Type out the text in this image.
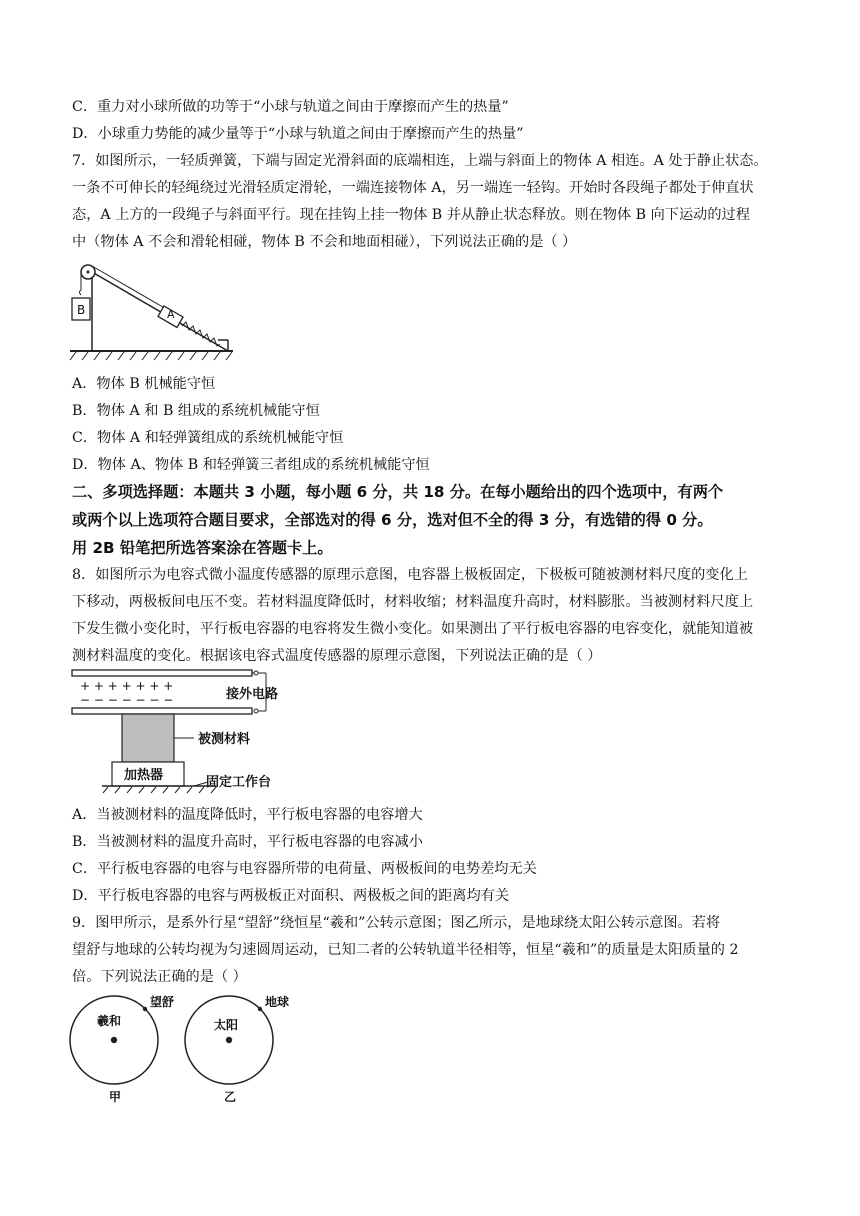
C．重力对小球所做的功等于“小球与轨道之间由于摩擦而产生的热量”
D．小球重力势能的减少量等于“小球与轨道之间由于摩擦而产生的热量”
7．如图所示，一轻质弹簧，下端与固定光滑斜面的底端相连，上端与斜面上的物体 A 相连。A 处于静止状态。
一条不可伸长的轻绳绕过光滑轻质定滑轮，一端连接物体 A，另一端连一轻钩。开始时各段绳子都处于伸直状
态，A 上方的一段绳子与斜面平行。现在挂钩上挂一物体 B 并从静止状态释放。则在物体 B 向下运动的过程
中（物体 A 不会和滑轮相碰，物体 B 不会和地面相碰），下列说法正确的是（ ）
B	A
A．物体 B 机械能守恒
B．物体 A 和 B 组成的系统机械能守恒
C．物体 A 和轻弹簧组成的系统机械能守恒
D．物体 A、物体 B 和轻弹簧三者组成的系统机械能守恒
二、多项选择题：本题共 3 小题，每小题 6 分，共 18 分。在每小题给出的四个选项中，有两个
或两个以上选项符合题目要求，全部选对的得 6 分，选对但不全的得 3 分，有选错的得 0 分。
用 2B 铅笔把所选答案涂在答题卡上。
8．如图所示为电容式微小温度传感器的原理示意图，电容器上极板固定，下极板可随被测材料尺度的变化上
下移动，两极板间电压不变。若材料温度降低时，材料收缩；材料温度升高时，材料膨胀。当被测材料尺度上
下发生微小变化时，平行板电容器的电容将发生微小变化。如果测出了平行板电容器的电容变化，就能知道被
测材料温度的变化。根据该电容式温度传感器的原理示意图，下列说法正确的是（ ）
+ + + + + + +
− − − − − − −	接外电路
被测材料
加热器	固定工作台
A．当被测材料的温度降低时，平行板电容器的电容增大
B．当被测材料的温度升高时，平行板电容器的电容减小
C．平行板电容器的电容与电容器所带的电荷量、两极板间的电势差均无关
D．平行板电容器的电容与两极板正对面积、两极板之间的距离均有关
9．图甲所示，是系外行星“望舒”绕恒星“羲和”公转示意图；图乙所示，是地球绕太阳公转示意图。若将
望舒与地球的公转均视为匀速圆周运动，已知二者的公转轨道半径相等，恒星“羲和”的质量是太阳质量的 2
倍。下列说法正确的是（ ）
羲和
望舒
甲
太阳
地球
乙
